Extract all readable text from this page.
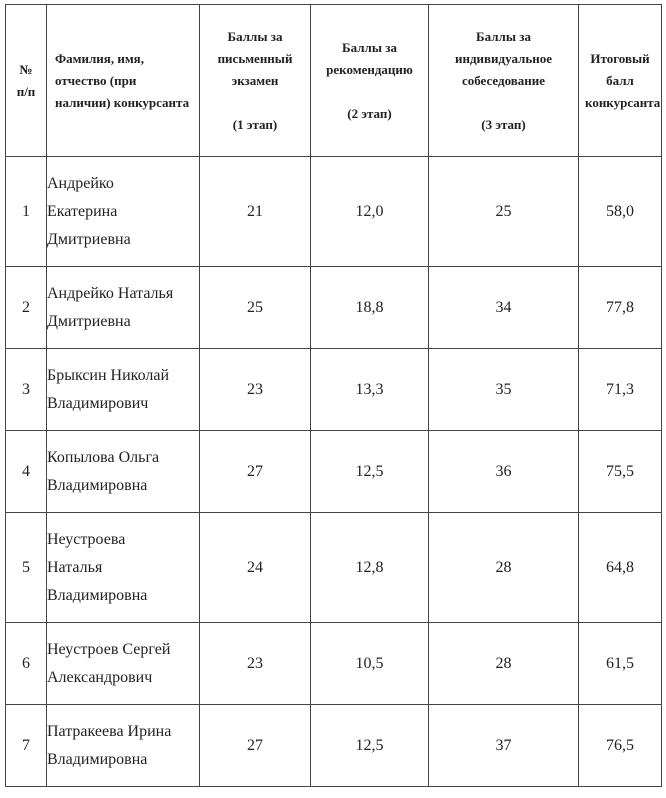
№
п/п	Фамилия, имя,
отчество (при
наличии) конкурсанта	Баллы за
письменный
экзамен
(1 этап)	Баллы за
рекомендацию
(2 этап)	Баллы за
индивидуальное
собеседование
(3 этап)	Итоговый балл
конкурсанта

1	Андрейко
Екатерина
Дмитриевна	21	12,0	25	58,0
2	Андрейко Наталья
Дмитриевна	25	18,8	34	77,8
3	Брыксин Николай
Владимирович	23	13,3	35	71,3
4	Копылова Ольга
Владимировна	27	12,5	36	75,5
5	Неустроева
Наталья
Владимировна	24	12,8	28	64,8
6	Неустроев Сергей
Александрович	23	10,5	28	61,5
7	Патракеева Ирина
Владимировна	27	12,5	37	76,5
